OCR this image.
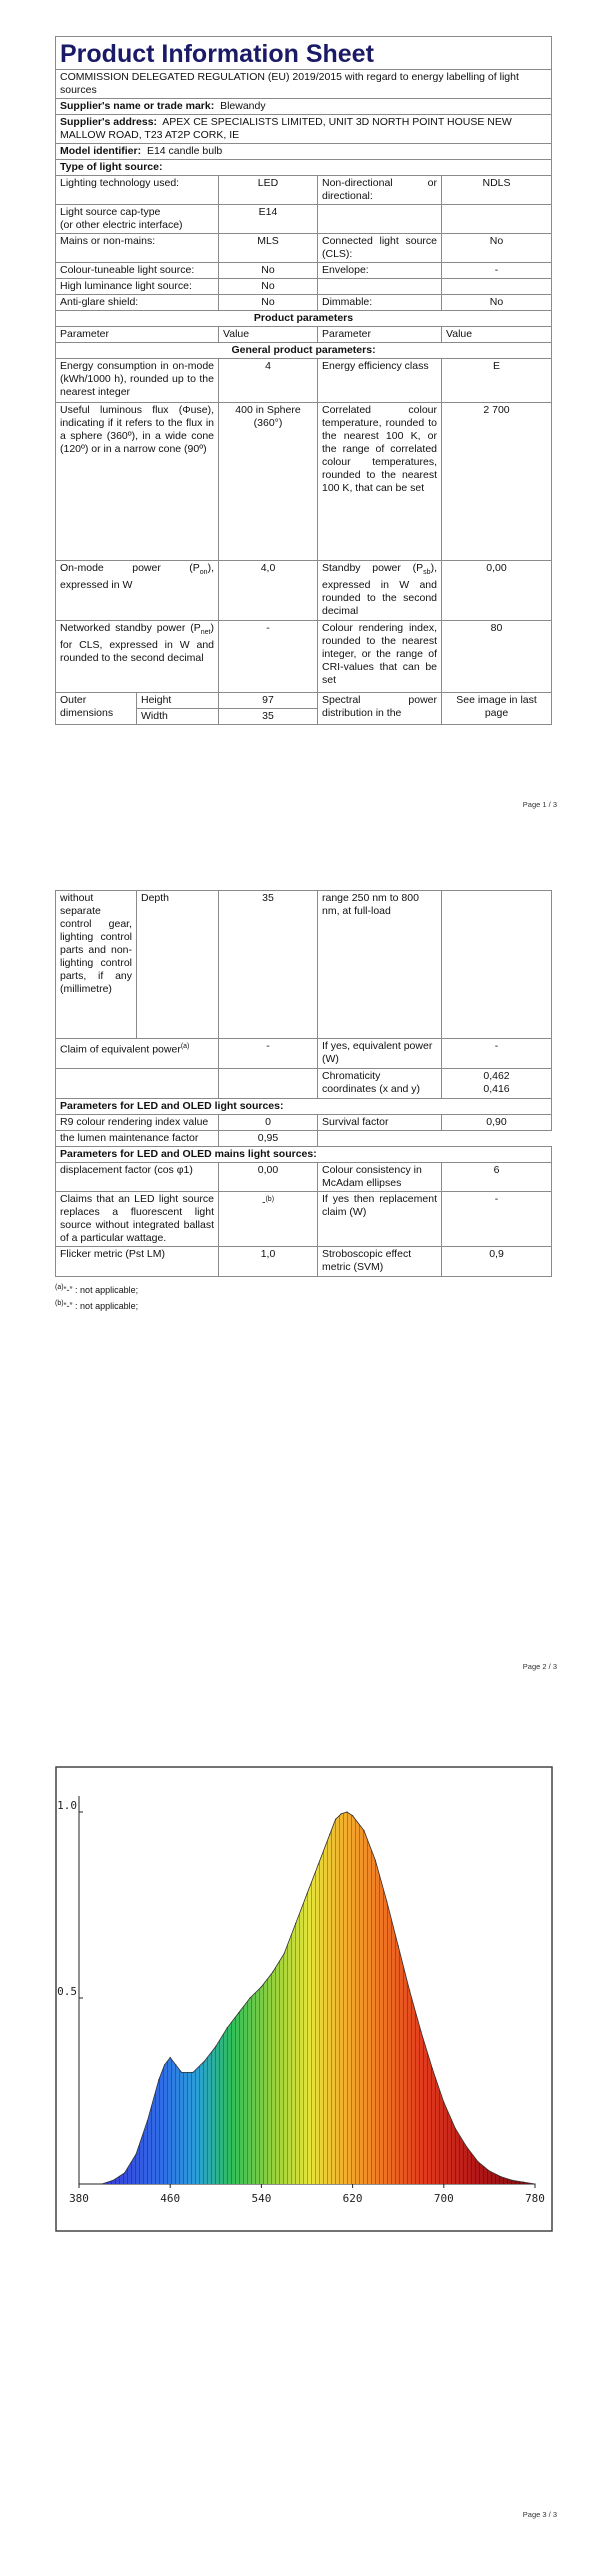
Product Information Sheet				
COMMISSION DELEGATED REGULATION (EU) 2019/2015 with regard to energy labelling of light sources				
Supplier's name or trade mark: Blewandy				
Supplier's address: APEX CE SPECIALISTS LIMITED, UNIT 3D NORTH POINT HOUSE NEW MALLOW ROAD, T23 AT2P CORK, IE				
Model identifier: E14 candle bulb				
Type of light source:				
Lighting technology used:		LED	Non-directional or directional:	NDLS
Light source cap-type
(or other electric interface)		E14		
Mains or non-mains:		MLS	Connected light source (CLS):	No
Colour-tuneable light source:		No	Envelope:	-
High luminance light source:		No		
Anti-glare shield:		No	Dimmable:	No
Product parameters				
Parameter		Value	Parameter	Value
General product parameters:				
Energy consumption in on-mode (kWh/1000 h), rounded up to the nearest integer		4	Energy efficiency class	E
Useful luminous flux (Φuse), indicating if it refers to the flux in a sphere (360º), in a wide cone (120º) or in a narrow cone (90º)		400 in Sphere (360°)	Correlated colour temperature, rounded to the nearest 100 K, or the range of correlated colour temperatures, rounded to the nearest 100 K, that can be set	2 700
On-mode power $(P_{on})$, expressed in W		4,0	Standby power $(P_{sb})$, expressed in W and rounded to the second decimal	0,00
Networked standby power $(P_{net})$ for CLS, expressed in W and rounded to the second decimal		-	Colour rendering index, rounded to the nearest integer, or the range of CRI-values that can be set	80
Outer dimensions	Height	97	Spectral power distribution in the	See image in last page
	Width	35		
Page 1 / 3
without separate control gear, lighting control parts and non-lighting control parts, if any (millimetre)	Depth	35	range 250 nm to 800 nm, at full-load	
Claim of equivalent power$^{(a)}$		-	If yes, equivalent power (W)	-
			Chromaticity coordinates (x and y)	0,462
0,416
Parameters for LED and OLED light sources:				
R9 colour rendering index value		0	Survival factor	0,90
the lumen maintenance factor		0,95		
Parameters for LED and OLED mains light sources:				
displacement factor (cos φ1)		0,00	Colour consistency in McAdam ellipses	6
Claims that an LED light source replaces a fluorescent light source without integrated ballast of a particular wattage.		-$^{(b)}$	If yes then replacement claim (W)	-
Flicker metric (Pst LM)		1,0	Stroboscopic effect metric (SVM)	0,9
$^{(a)}$“-” : not applicable;
$^{(b)}$“-” : not applicable;
Page 2 / 3
380	460	540	620	700	780
0.5
1.0
Page 3 / 3
